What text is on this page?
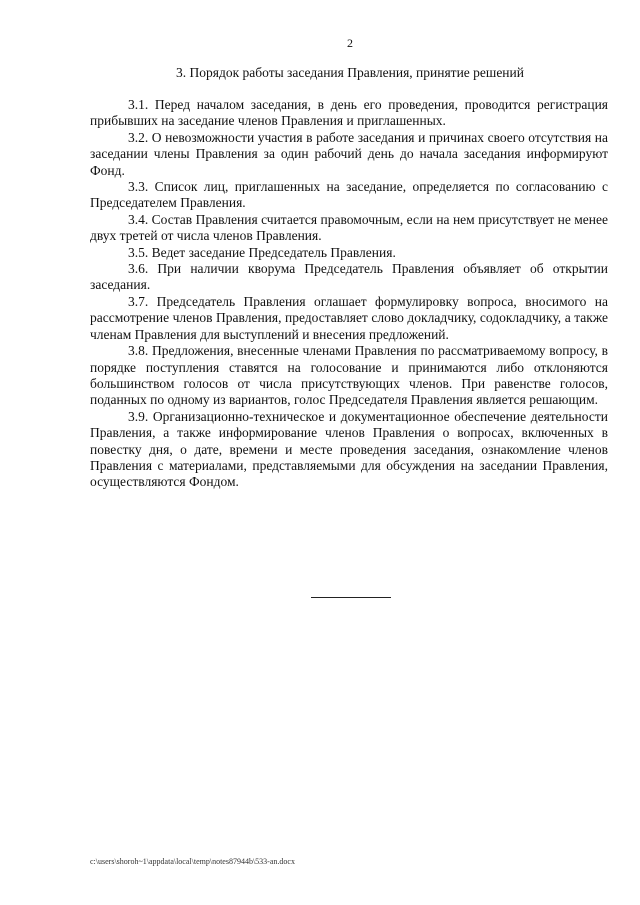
2
3. Порядок работы заседания Правления, принятие решений

3.1. Перед началом заседания, в день его проведения, проводится регистрация прибывших на заседание членов Правления и приглашенных.

3.2. О невозможности участия в работе заседания и причинах своего отсутствия на заседании члены Правления за один рабочий день до начала заседания информируют Фонд.

3.3. Список лиц, приглашенных на заседание, определяется по согласованию с Председателем Правления.

3.4. Состав Правления считается правомочным, если на нем присутствует не менее двух третей от числа членов Правления.

3.5. Ведет заседание Председатель Правления.

3.6. При наличии кворума Председатель Правления объявляет об открытии заседания.

3.7. Председатель Правления оглашает формулировку вопроса, вносимого на рассмотрение членов Правления, предоставляет слово докладчику, содокладчику, а также членам Правления для выступлений и внесения предложений.

3.8. Предложения, внесенные членами Правления по рассматриваемому вопросу, в порядке поступления ставятся на голосование и принимаются либо отклоняются большинством голосов от числа присутствующих членов. При равенстве голосов, поданных по одному из вариантов, голос Председателя Правления является решающим.

3.9. Организационно-техническое и документационное обеспечение деятельности Правления, а также информирование членов Правления о вопросах, включенных в повестку дня, о дате, времени и месте проведения заседания, ознакомление членов Правления с материалами, представляемыми для обсуждения на заседании Правления, осуществляются Фондом.

c:\users\shoroh~1\appdata\local\temp\notes87944b\533-an.docx
